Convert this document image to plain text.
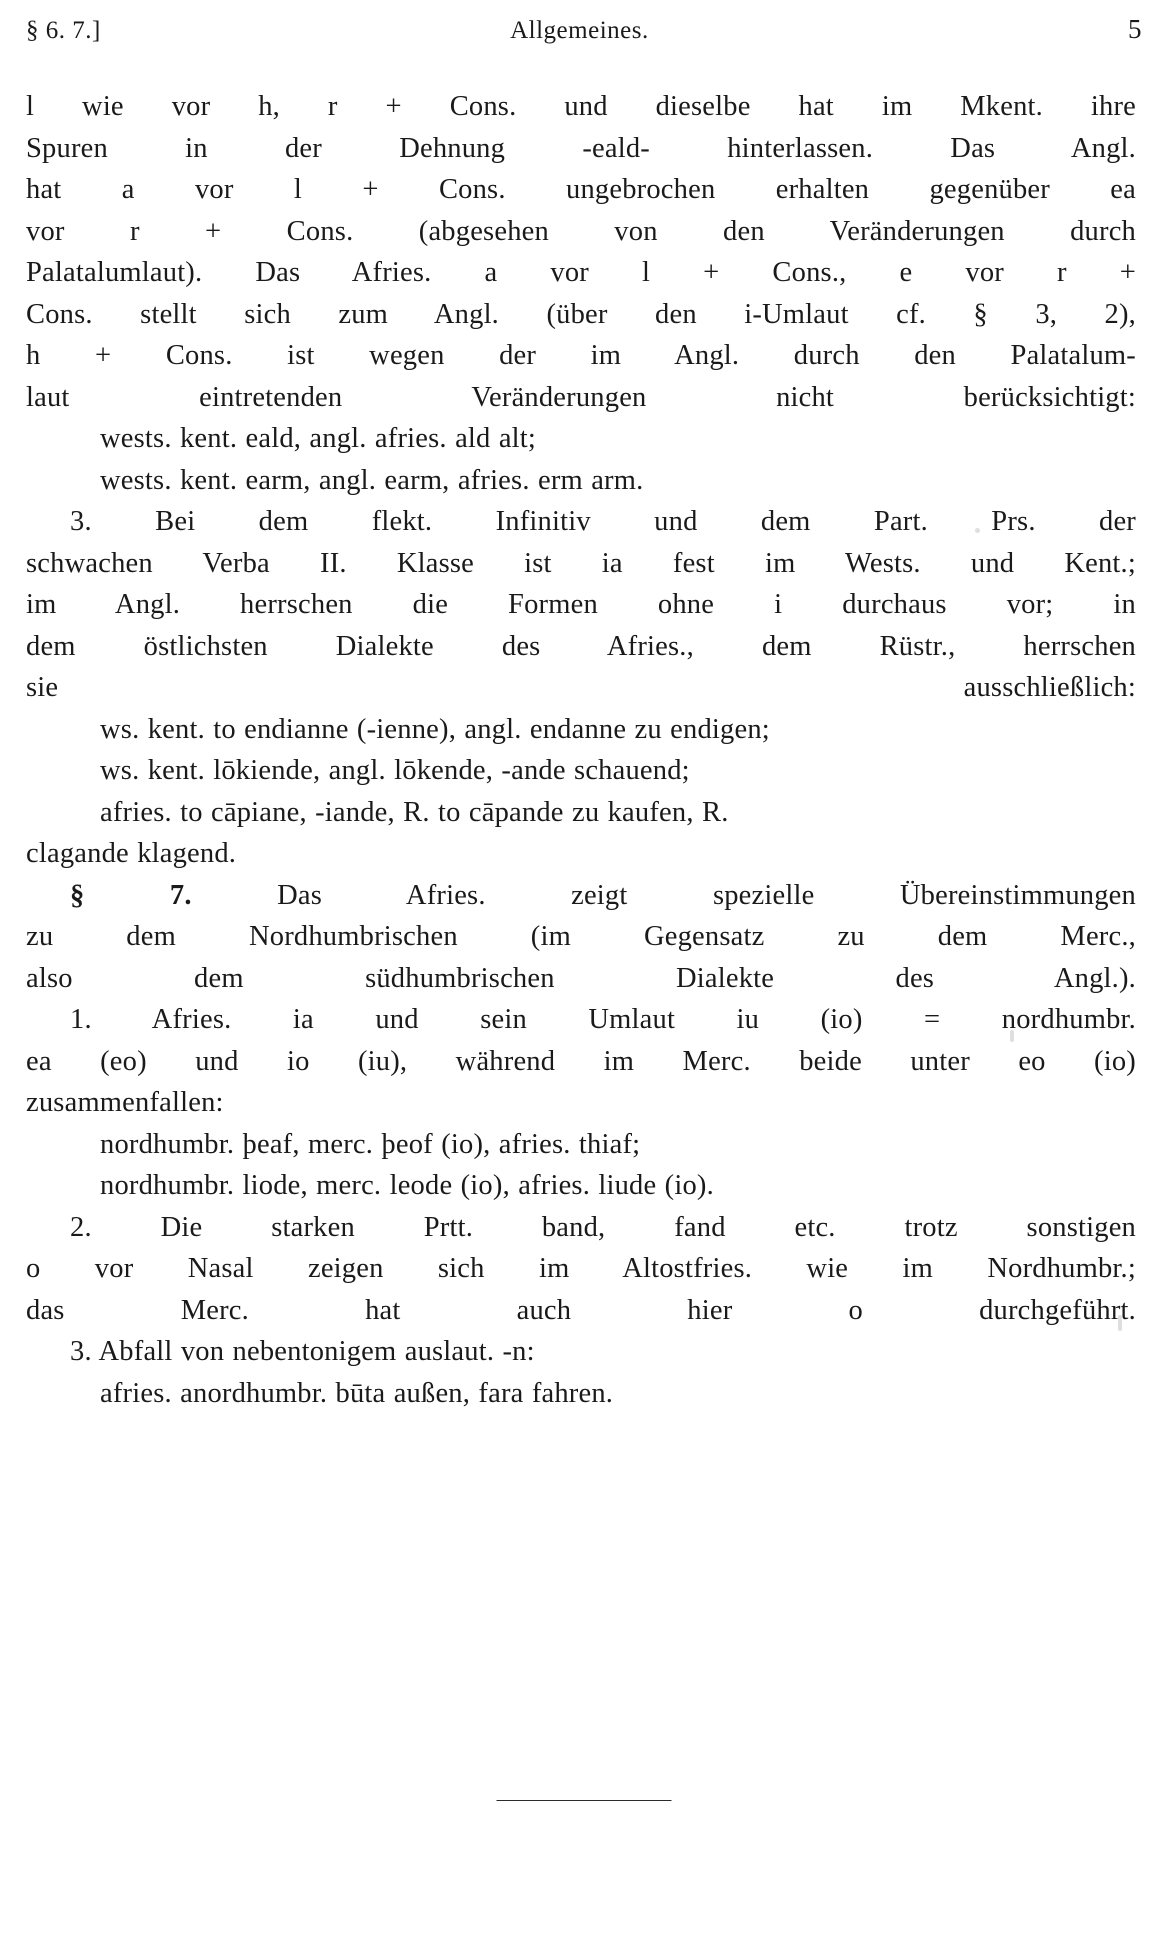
§ 6. 7.]	Allgemeines.	5

l wie vor h, r + Cons. und dieselbe hat im Mkent. ihre
Spuren in der Dehnung -eald- hinterlassen. Das Angl.
hat a vor l + Cons. ungebrochen erhalten gegenüber ea
vor r + Cons. (abgesehen von den Veränderungen durch
Palatalumlaut). Das Afries. a vor l + Cons., e vor r +
Cons. stellt sich zum Angl. (über den i-Umlaut cf. § 3, 2),
h + Cons. ist wegen der im Angl. durch den Palatalum-
laut eintretenden Veränderungen nicht berücksichtigt:

wests. kent. eald, angl. afries. ald alt;
wests. kent. earm, angl. earm, afries. erm arm.

3. Bei dem flekt. Infinitiv und dem Part. Prs. der
schwachen Verba II. Klasse ist ia fest im Wests. und Kent.;
im Angl. herrschen die Formen ohne i durchaus vor; in
dem östlichsten Dialekte des Afries., dem Rüstr., herrschen
sie ausschließlich:

ws. kent. to endianne (-ienne), angl. endanne zu endigen;
ws. kent. lōkiende, angl. lōkende, -ande schauend;
afries. to cāpiane, -iande, R. to cāpande zu kaufen, R.

clagande klagend.

§ 7.	Das Afries. zeigt spezielle Übereinstimmungen
zu dem Nordhumbrischen (im Gegensatz zu dem Merc.,
also dem südhumbrischen Dialekte des Angl.).

1. Afries. ia und sein Umlaut iu (io) = nordhumbr.
ea (eo) und io (iu), während im Merc. beide unter eo (io)
zusammenfallen:

nordhumbr. þeaf, merc. þeof (io), afries. thiaf;
nordhumbr. liode, merc. leode (io), afries. liude (io).

2. Die starken Prtt. band, fand etc. trotz sonstigen
o vor Nasal zeigen sich im Altostfries. wie im Nordhumbr.;
das Merc. hat auch hier o durchgeführt.

3. Abfall von nebentonigem auslaut. -n:

afries. anordhumbr. būta außen, fara fahren.
